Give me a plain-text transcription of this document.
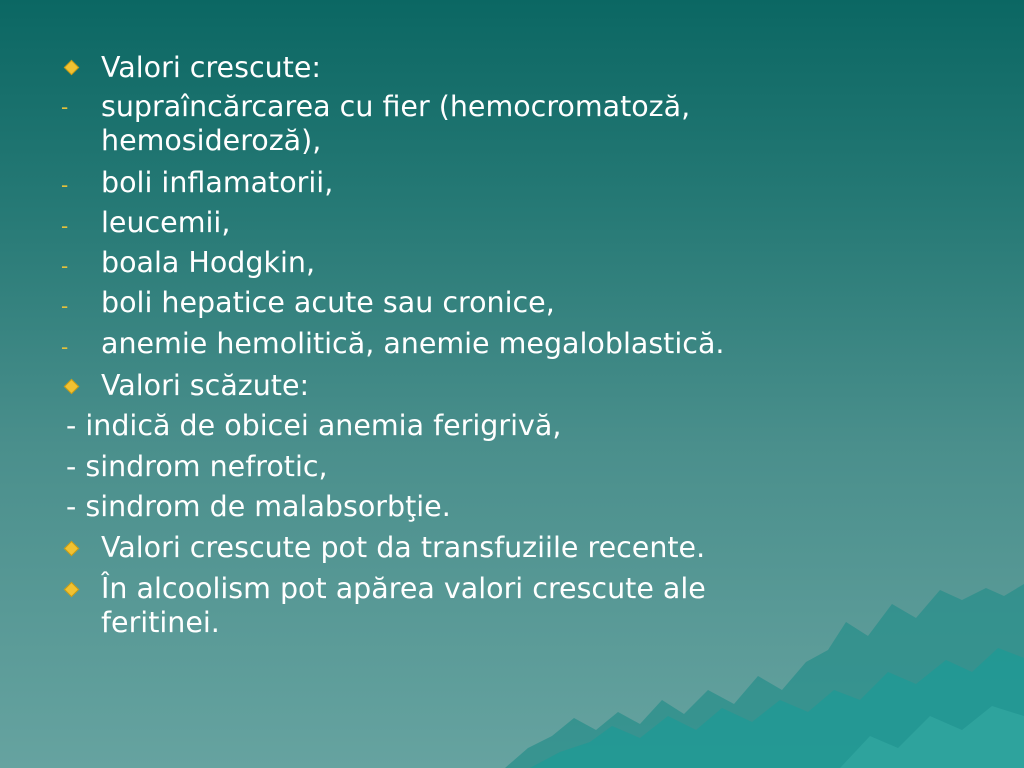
Valori crescute:
- supraîncărcarea cu fier (hemocromatoză,
hemosideroză),
- boli inflamatorii,
- leucemii,
- boala Hodgkin,
- boli hepatice acute sau cronice,
- anemie hemolitică, anemie megaloblastică.
Valori scăzute:
- indică de obicei anemia ferigrivă,
- sindrom nefrotic,
- sindrom de malabsorbţie.
Valori crescute pot da transfuziile recente.
În alcoolism pot apărea valori crescute ale
feritinei.
